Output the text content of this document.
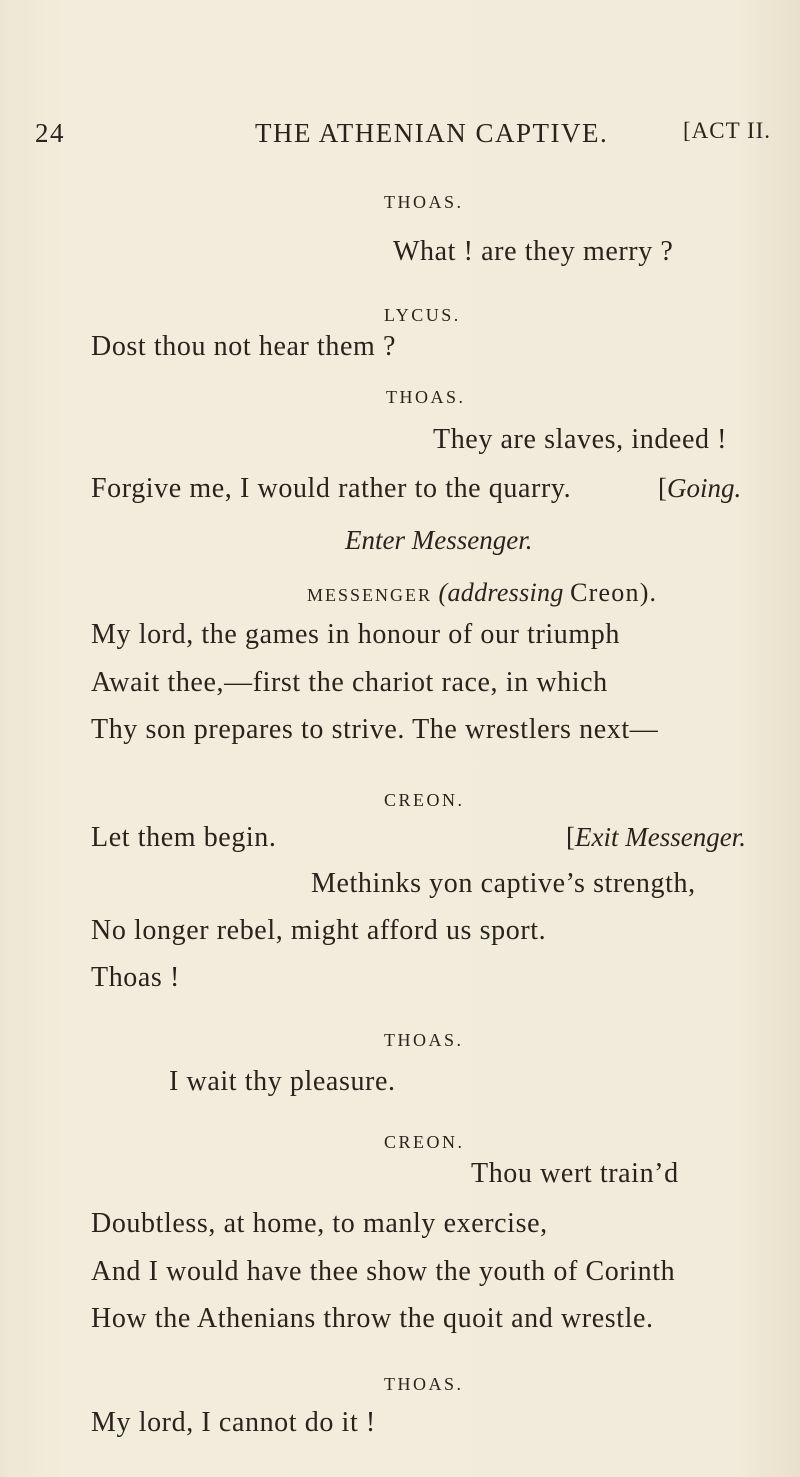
24	THE ATHENIAN CAPTIVE.	[ACT II.
THOAS.
What ! are they merry ?
LYCUS.
Dost thou not hear them ?
THOAS.
They are slaves, indeed !
Forgive me, I would rather to the quarry.	[Going.
Enter Messenger.
MESSENGER (addressing Creon).
My lord, the games in honour of our triumph
Await thee,—first the chariot race, in which
Thy son prepares to strive. The wrestlers next—
CREON.
Let them begin.	[Exit Messenger.
Methinks yon captive’s strength,
No longer rebel, might afford us sport.
Thoas !
THOAS.
I wait thy pleasure.
CREON.
Thou wert train’d
Doubtless, at home, to manly exercise,
And I would have thee show the youth of Corinth
How the Athenians throw the quoit and wrestle.
THOAS.
My lord, I cannot do it !
